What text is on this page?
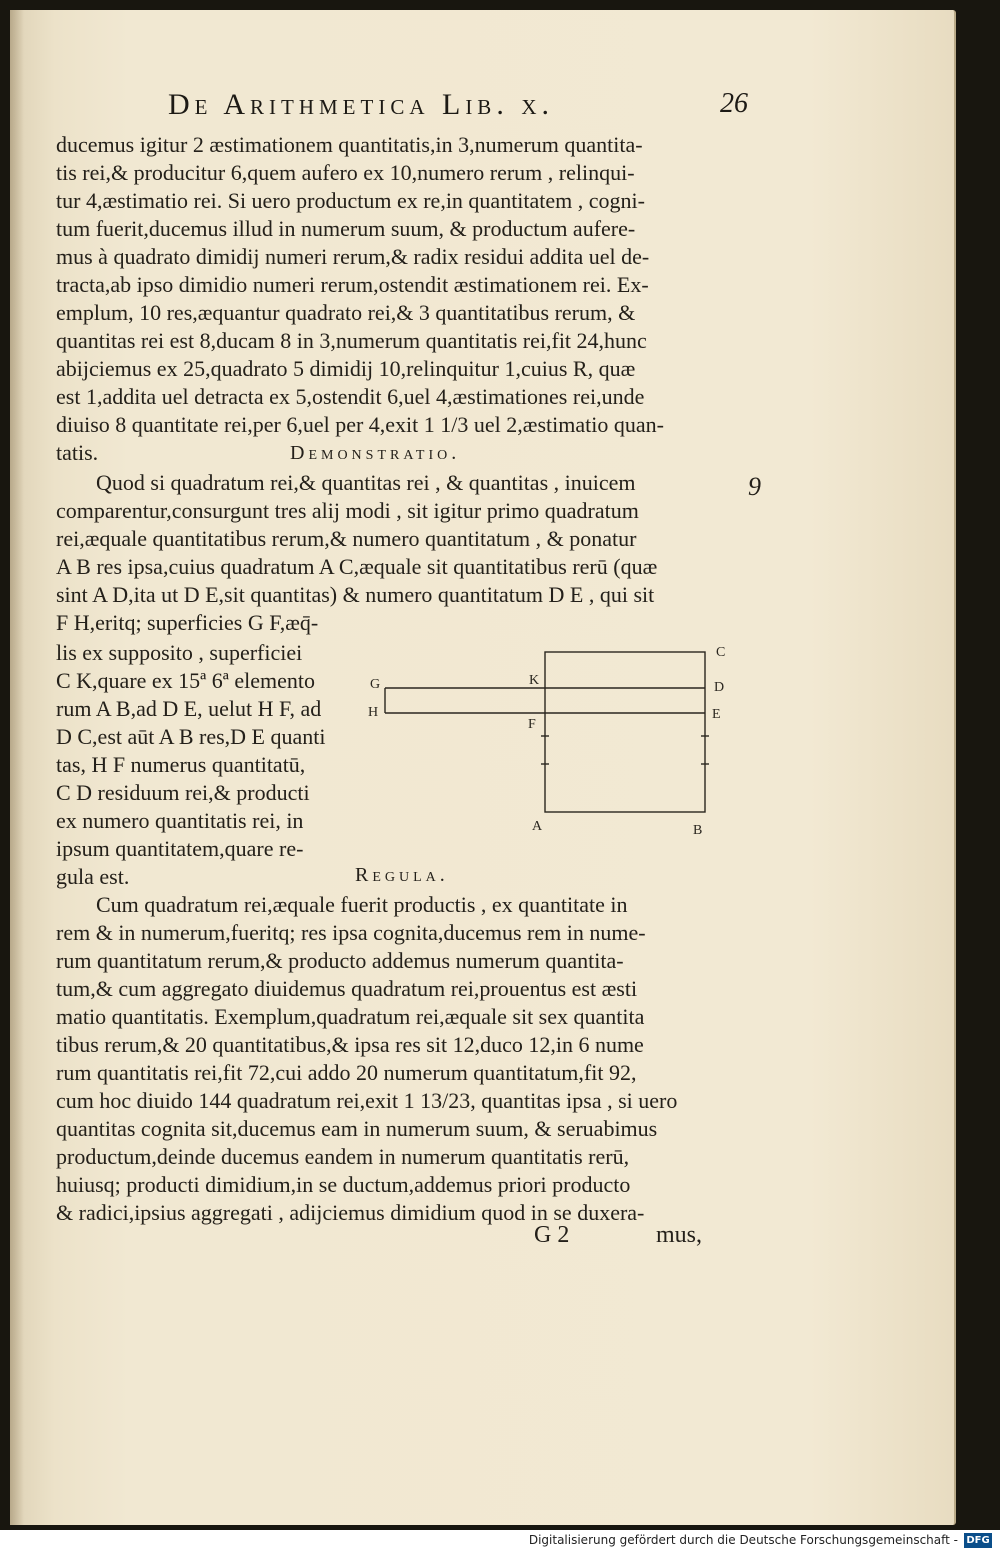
De Arithmetica Lib. x.	26
ducemus igitur 2 æstimationem quantitatis,in 3,numerum quantita-
tis rei,& producitur 6,quem aufero ex 10,numero rerum , relinqui-
tur 4,æstimatio rei. Si uero productum ex re,in quantitatem , cogni-
tum fuerit,ducemus illud in numerum suum, & productum aufere-
mus à quadrato dimidij numeri rerum,& radix residui addita uel de-
tracta,ab ipso dimidio numeri rerum,ostendit æstimationem rei. Ex-
emplum, 10 res,æquantur quadrato rei,& 3 quantitatibus rerum, &
quantitas rei est 8,ducam 8 in 3,numerum quantitatis rei,fit 24,hunc
abijciemus ex 25,quadrato 5 dimidij 10,relinquitur 1,cuius R, quæ
est 1,addita uel detracta ex 5,ostendit 6,uel 4,æstimationes rei,unde
diuiso 8 quantitate rei,per 6,uel per 4,exit 1 1/3 uel 2,æstimatio quan-
tatis.	Demonstratio.
Quod si quadratum rei,& quantitas rei , & quantitas , inuicem	9
comparentur,consurgunt tres alij modi , sit igitur primo quadratum
rei,æquale quantitatibus rerum,& numero quantitatum , & ponatur
A B res ipsa,cuius quadratum A C,æquale sit quantitatibus rerū (quæ
sint A D,ita ut D E,sit quantitas) & numero quantitatum D E , qui sit
F H,eritq; superficies G F,æq̄-
lis ex supposito , superficiei
C K,quare ex 15ª 6ª elemento
rum A B,ad D E, uelut H F, ad
D C,est aūt A B res,D E quanti
tas, H F numerus quantitatū,
C D residuum rei,& producti
ex numero quantitatis rei, in
ipsum quantitatem,quare re-
gula est.	Regula.
C
D
E
G
H
K
F
A	B
Cum quadratum rei,æquale fuerit productis , ex quantitate in
rem & in numerum,fueritq; res ipsa cognita,ducemus rem in nume-
rum quantitatum rerum,& producto addemus numerum quantita-
tum,& cum aggregato diuidemus quadratum rei,prouentus est æsti
matio quantitatis. Exemplum,quadratum rei,æquale sit sex quantita
tibus rerum,& 20 quantitatibus,& ipsa res sit 12,duco 12,in 6 nume
rum quantitatis rei,fit 72,cui addo 20 numerum quantitatum,fit 92,
cum hoc diuido 144 quadratum rei,exit 1 13/23, quantitas ipsa , si uero
quantitas cognita sit,ducemus eam in numerum suum, & seruabimus
productum,deinde ducemus eandem in numerum quantitatis rerū,
huiusq; producti dimidium,in se ductum,addemus priori producto
& radici,ipsius aggregati , adijciemus dimidium quod in se duxera-
G 2	mus,
Digitalisierung gefördert durch die Deutsche Forschungsgemeinschaft - DFG
